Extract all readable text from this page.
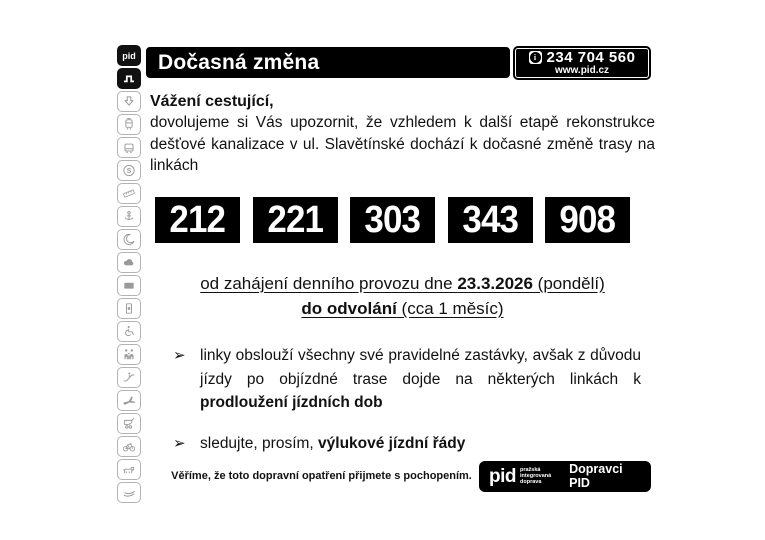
pid
S
Dočasná změna	i 234 704 560
www.pid.cz
Vážení cestující,
dovolujeme si Vás upozornit, že vzhledem k další etapě rekonstrukce dešťové kanalizace v ul. Slavětínské dochází k dočasné změně trasy na linkách
212 221 303 343 908
od zahájení denního provozu dne 23.3.2026 (pondělí)
do odvolání (cca 1 měsíc)
➢ linky obslouží všechny své pravidelné zastávky, avšak z důvodu jízdy po objízdné trase dojde na některých linkách k prodloužení jízdních dob
➢ sledujte, prosím, výlukové jízdní řády
Věříme, že toto dopravní opatření přijmete s pochopením. pid pražská integrovaná
doprava
Dopravci PID
